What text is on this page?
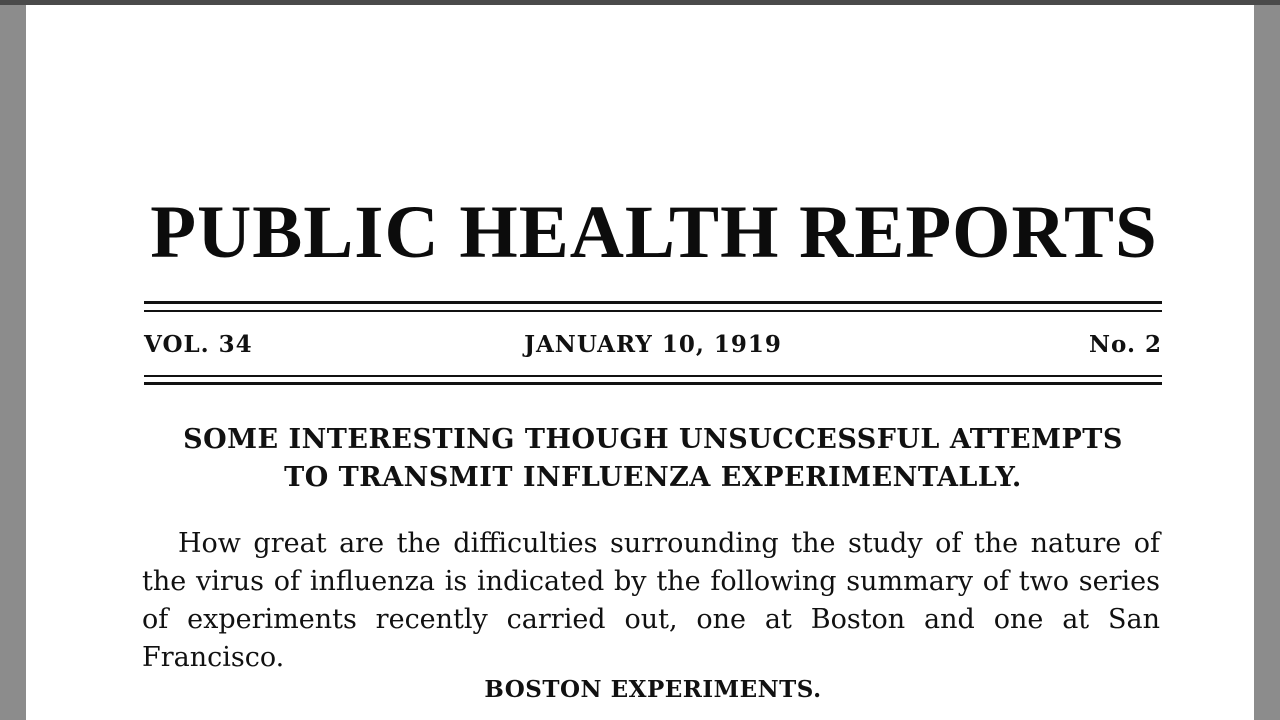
PUBLIC HEALTH REPORTS
VOL. 34	JANUARY 10, 1919	No. 2
SOME INTERESTING THOUGH UNSUCCESSFUL ATTEMPTS
TO TRANSMIT INFLUENZA EXPERIMENTALLY.

How great are the difficulties surrounding the study of the nature of the virus of influenza is indicated by the following summary of two series of experiments recently carried out, one at Boston and one at San Francisco.

BOSTON EXPERIMENTS.
